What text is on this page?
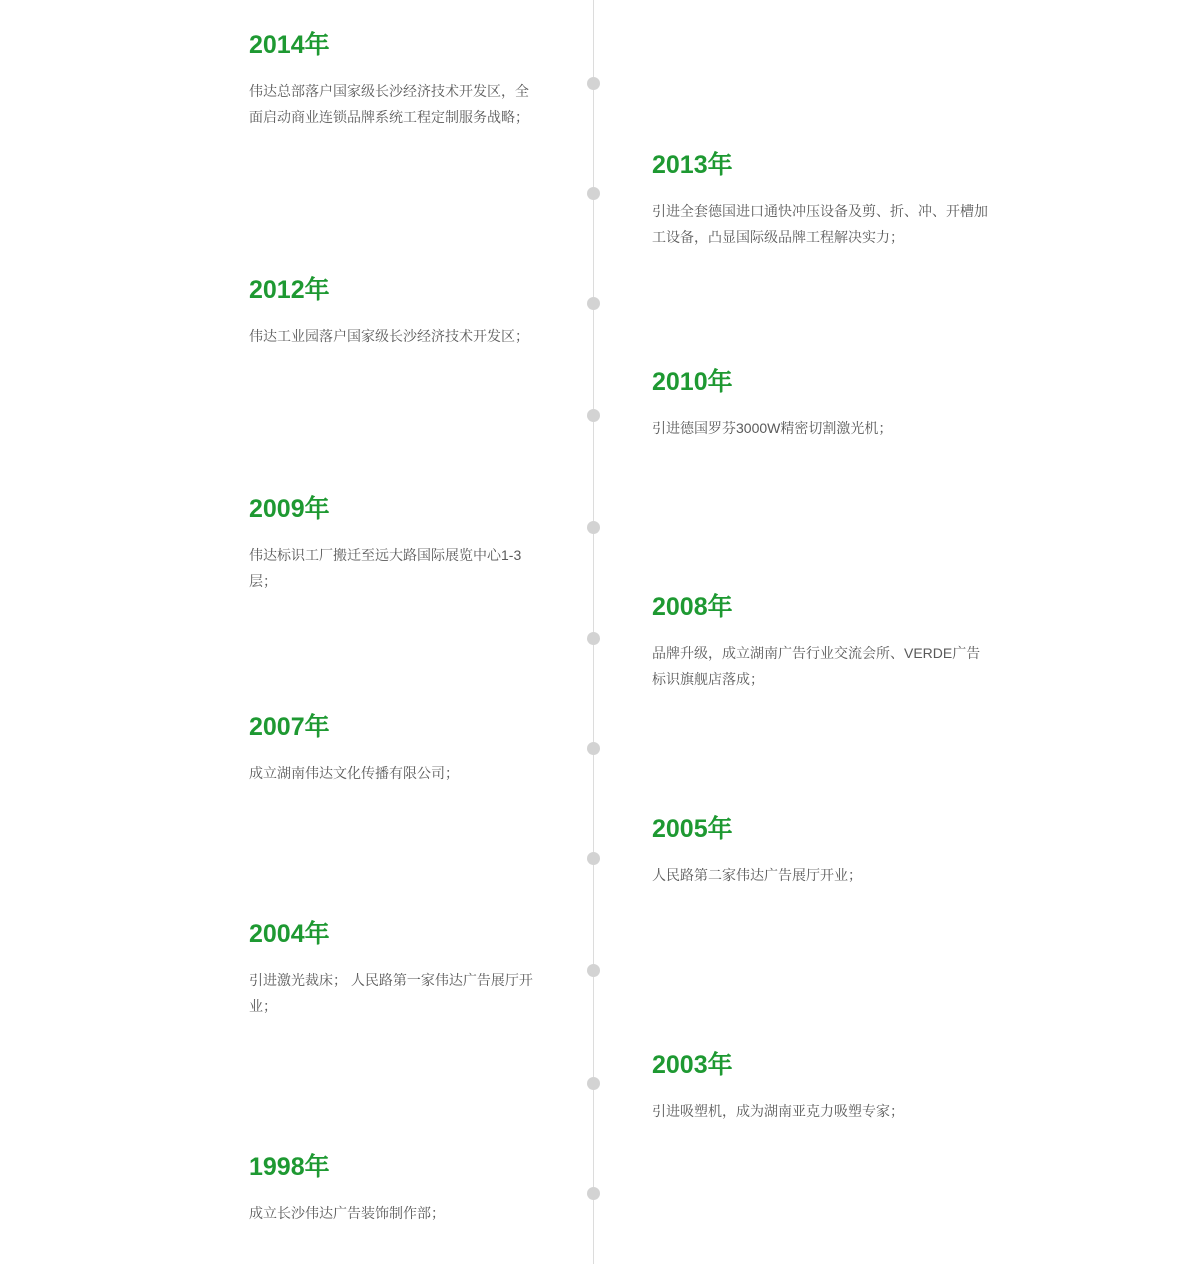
2014年

伟达总部落户国家级长沙经济技术开发区，全面启动商业连锁品牌系统工程定制服务战略；

2013年

引进全套德国进口通快冲压设备及剪、折、冲、开槽加工设备，凸显国际级品牌工程解决实力；

2012年

伟达工业园落户国家级长沙经济技术开发区；

2010年

引进德国罗芬3000W精密切割激光机；

2009年

伟达标识工厂搬迁至远大路国际展览中心1-3层；

2008年

品牌升级，成立湖南广告行业交流会所、VERDE广告标识旗舰店落成；

2007年

成立湖南伟达文化传播有限公司；

2005年

人民路第二家伟达广告展厅开业；

2004年

引进激光裁床； 人民路第一家伟达广告展厅开业；

2003年

引进吸塑机，成为湖南亚克力吸塑专家；

1998年

成立长沙伟达广告装饰制作部；
